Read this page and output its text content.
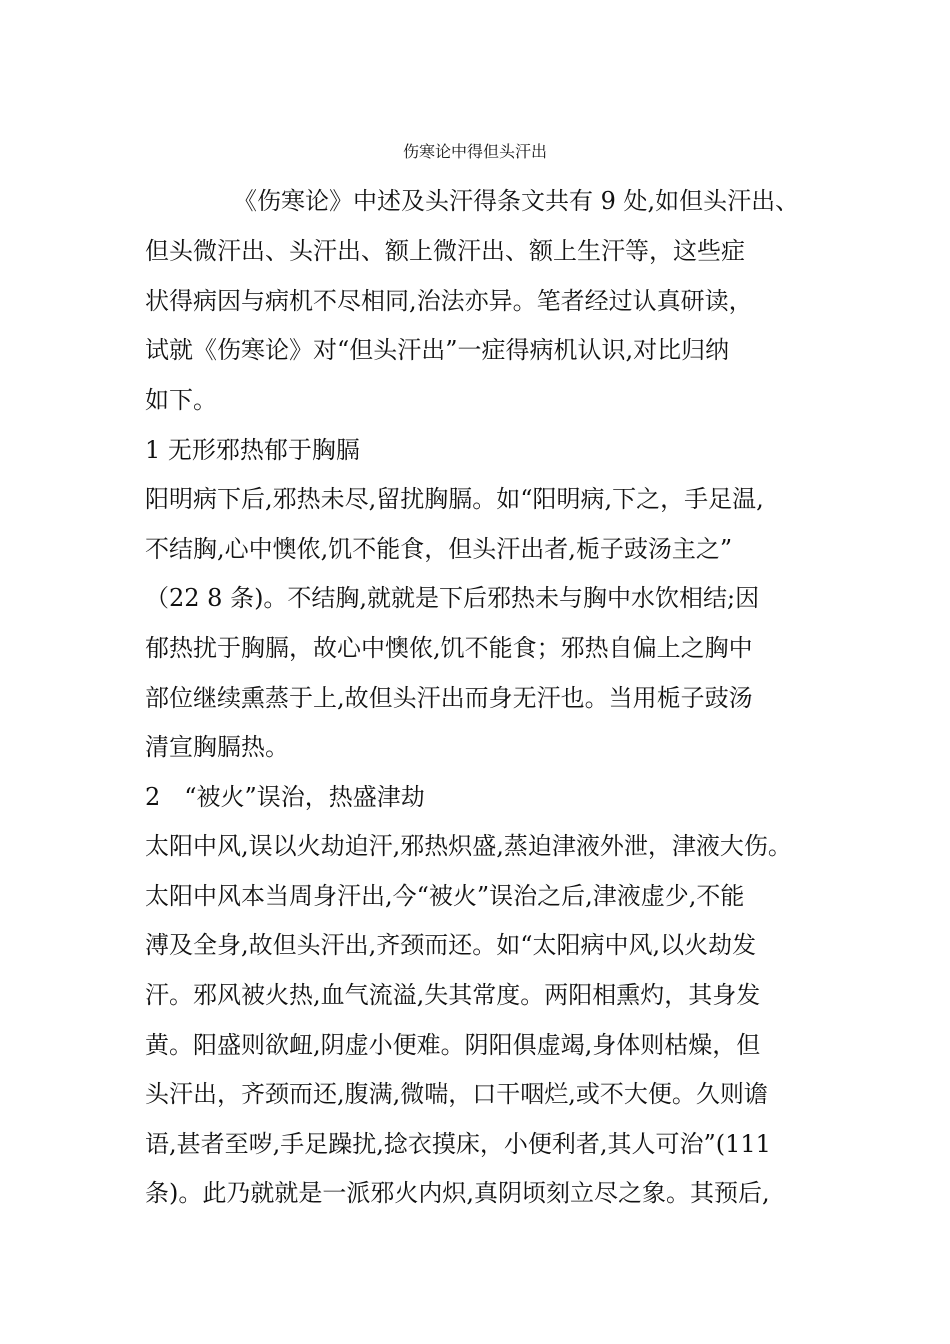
伤寒论中得但头汗出
《伤寒论》中述及头汗得条文共有 9 处,如但头汗出、
但头微汗出、头汗出、额上微汗出、额上生汗等，这些症
状得病因与病机不尽相同,治法亦异。笔者经过认真研读，
试就《伤寒论》对“但头汗出”一症得病机认识,对比归纳
如下。
1 无形邪热郁于胸膈
阳明病下后,邪热未尽,留扰胸膈。如“阳明病,下之，手足温,
不结胸,心中懊侬,饥不能食，但头汗出者,栀子豉汤主之”
（22 8 条)。不结胸,就就是下后邪热未与胸中水饮相结;因
郁热扰于胸膈，故心中懊侬,饥不能食；邪热自偏上之胸中
部位继续熏蒸于上,故但头汗出而身无汗也。当用栀子豉汤
清宣胸膈热。
2　“被火”误治，热盛津劫
太阳中风,误以火劫迫汗,邪热炽盛,蒸迫津液外泄，津液大伤。
太阳中风本当周身汗出,今“被火”误治之后,津液虚少,不能
溥及全身,故但头汗出,齐颈而还。如“太阳病中风,以火劫发
汗。邪风被火热,血气流溢,失其常度。两阳相熏灼，其身发
黄。阳盛则欲衄,阴虚小便难。阴阳俱虚竭,身体则枯燥，但
头汗出，齐颈而还,腹满,微喘，口干咽烂,或不大便。久则谵
语,甚者至哕,手足躁扰,捻衣摸床，小便利者,其人可治”(111
条)。此乃就就是一派邪火内炽,真阴顷刻立尽之象。其预后,
